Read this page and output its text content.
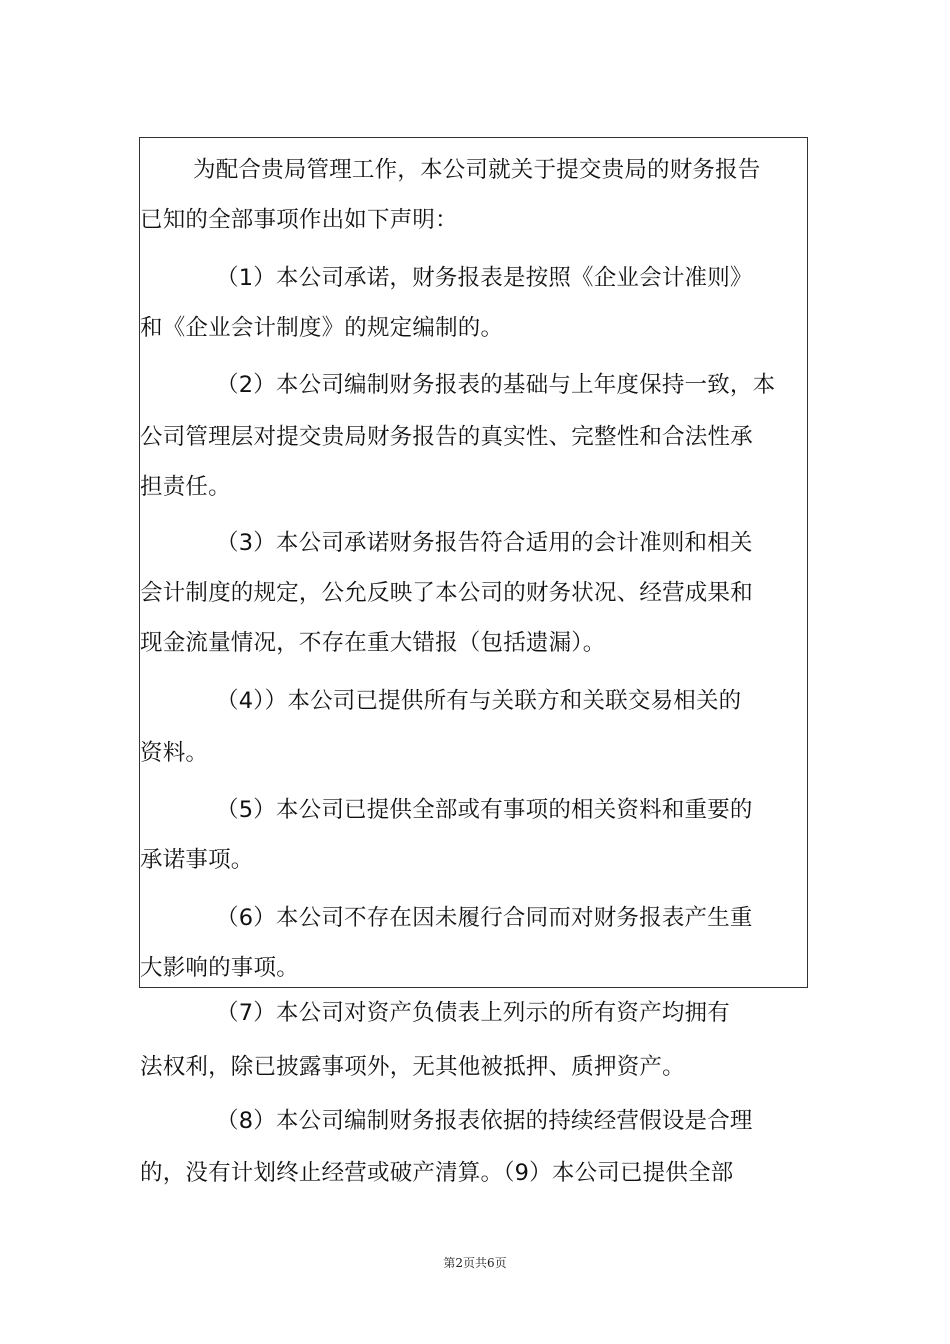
为配合贵局管理工作，本公司就关于提交贵局的财务报告
已知的全部事项作出如下声明：
（1）本公司承诺，财务报表是按照《企业会计准则》
和《企业会计制度》的规定编制的。
（2）本公司编制财务报表的基础与上年度保持一致，本
公司管理层对提交贵局财务报告的真实性、完整性和合法性承
担责任。
（3）本公司承诺财务报告符合适用的会计准则和相关
会计制度的规定，公允反映了本公司的财务状况、经营成果和
现金流量情况，不存在重大错报（包括遗漏）。
（4））本公司已提供所有与关联方和关联交易相关的
资料。
（5）本公司已提供全部或有事项的相关资料和重要的
承诺事项。
（6）本公司不存在因未履行合同而对财务报表产生重
大影响的事项。
（7）本公司对资产负债表上列示的所有资产均拥有
法权利，除已披露事项外，无其他被抵押、质押资产。
（8）本公司编制财务报表依据的持续经营假设是合理
的，没有计划终止经营或破产清算。（9）本公司已提供全部
第2页共6页
